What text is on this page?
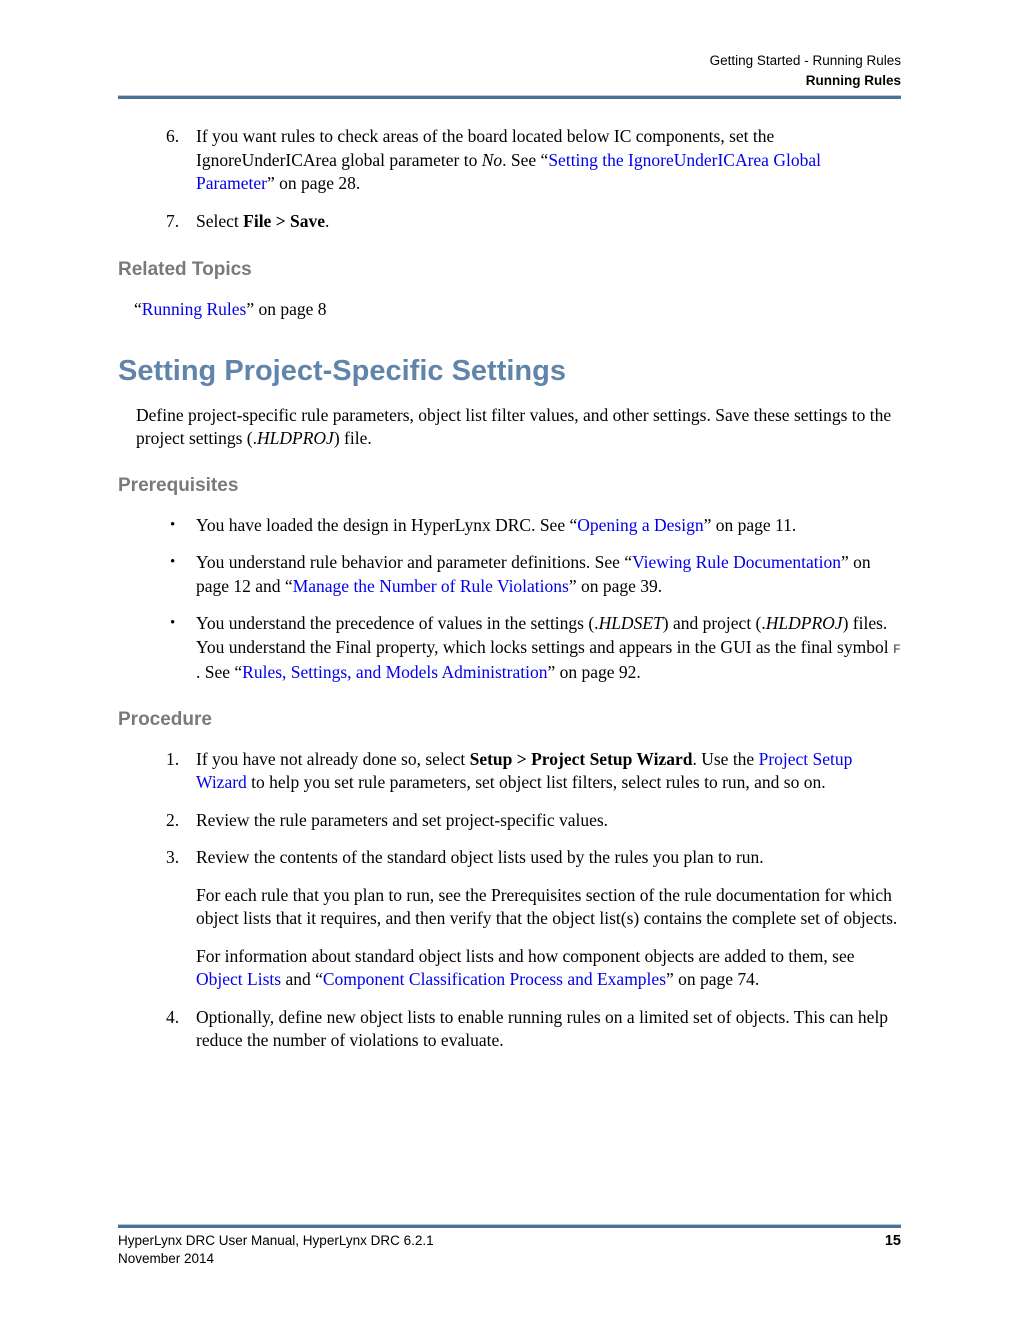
Getting Started - Running Rules
Running Rules
6. If you want rules to check areas of the board located below IC components, set the IgnoreUnderICArea global parameter to No. See “Setting the IgnoreUnderICArea Global Parameter” on page 28.
7. Select File > Save.
Related Topics
“Running Rules” on page 8
Setting Project-Specific Settings

Define project-specific rule parameters, object list filter values, and other settings. Save these settings to the project settings (.HLDPROJ) file.

Prerequisites
•	You have loaded the design in HyperLynx DRC. See “Opening a Design” on page 11.
•	You understand rule behavior and parameter definitions. See “Viewing Rule Documentation” on page 12 and “Manage the Number of Rule Violations” on page 39.
•	You understand the precedence of values in the settings (.HLDSET) and project (.HLDPROJ) files. You understand the Final property, which locks settings and appears in the GUI as the final symbol F . See “Rules, Settings, and Models Administration” on page 92.
Procedure
1. If you have not already done so, select Setup > Project Setup Wizard. Use the Project Setup Wizard to help you set rule parameters, set object list filters, select rules to run, and so on.
2. Review the rule parameters and set project-specific values.
3. Review the contents of the standard object lists used by the rules you plan to run.

For each rule that you plan to run, see the Prerequisites section of the rule documentation for which object lists that it requires, and then verify that the object list(s) contains the complete set of objects.

For information about standard object lists and how component objects are added to them, see Object Lists and “Component Classification Process and Examples” on page 74.

4. Optionally, define new object lists to enable running rules on a limited set of objects. This can help reduce the number of violations to evaluate.
HyperLynx DRC User Manual, HyperLynx DRC 6.2.1
November 2014
15
